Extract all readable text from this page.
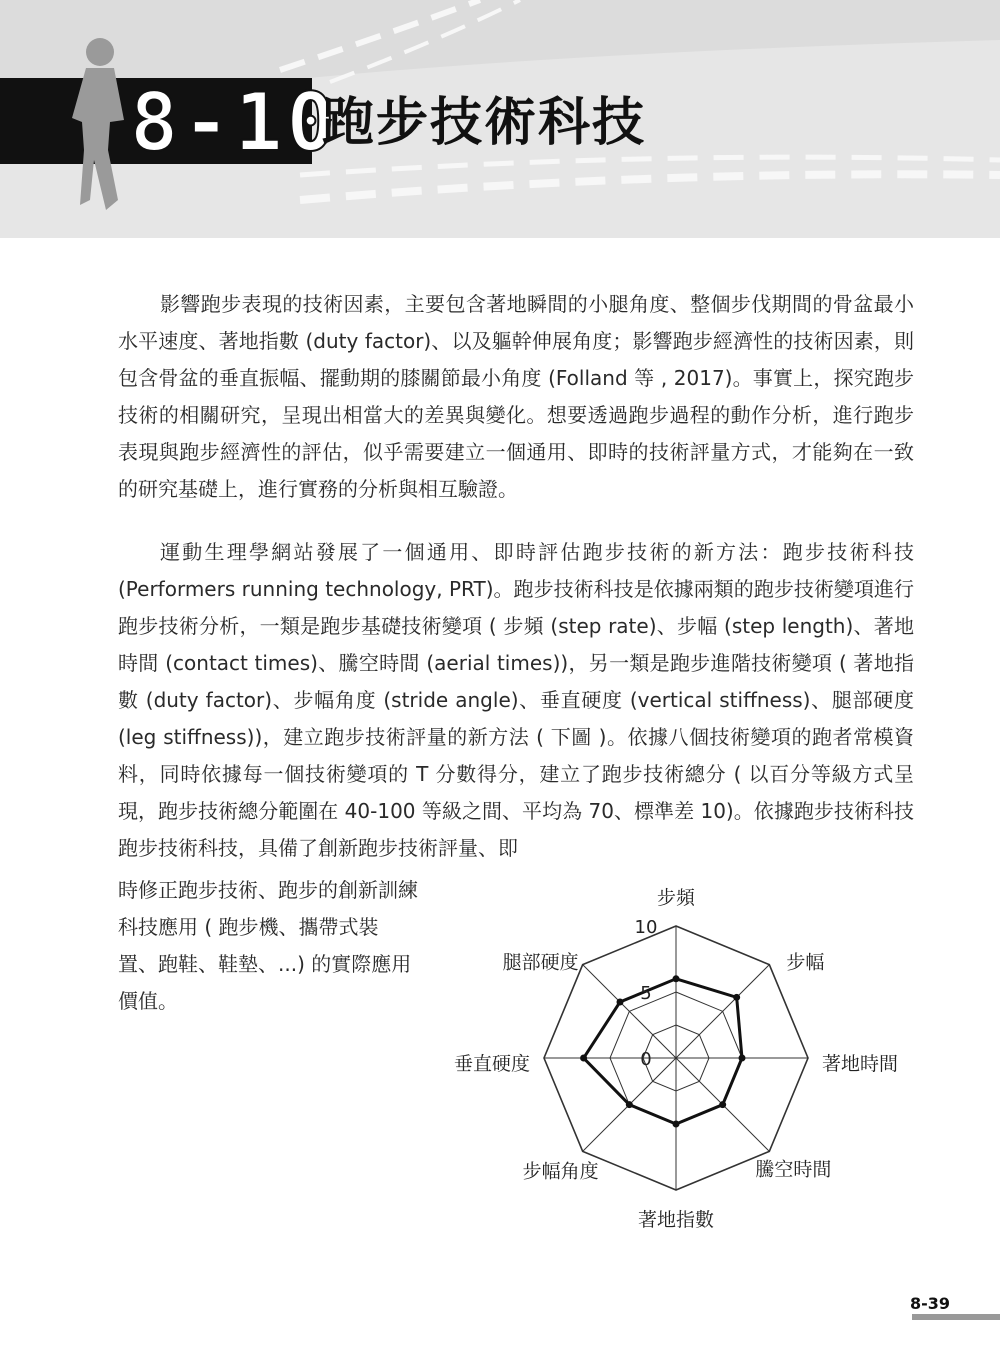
8-10
跑步技術科技

影響跑步表現的技術因素，主要包含著地瞬間的小腿角度、整個步伐期間的骨盆最小水平速度、著地指數 (duty factor)、以及軀幹伸展角度；影響跑步經濟性的技術因素，則包含骨盆的垂直振幅、擺動期的膝關節最小角度 (Folland 等 , 2017)。事實上，探究跑步技術的相關研究，呈現出相當大的差異與變化。想要透過跑步過程的動作分析，進行跑步表現與跑步經濟性的評估，似乎需要建立一個通用、即時的技術評量方式，才能夠在一致的研究基礎上，進行實務的分析與相互驗證。

運動生理學網站發展了一個通用、即時評估跑步技術的新方法：跑步技術科技 (Performers running technology, PRT)。跑步技術科技是依據兩類的跑步技術變項進行跑步技術分析，一類是跑步基礎技術變項 ( 步頻 (step rate)、步幅 (step length)、著地時間 (contact times)、騰空時間 (aerial times))，另一類是跑步進階技術變項 ( 著地指數 (duty factor)、步幅角度 (stride angle)、垂直硬度 (vertical stiffness)、腿部硬度 (leg stiffness))，建立跑步技術評量的新方法 ( 下圖 )。依據八個技術變項的跑者常模資料，同時依據每一個技術變項的 T 分數得分，建立了跑步技術總分 ( 以百分等級方式呈現，跑步技術總分範圍在 40-100 等級之間、平均為 70、標準差 10)。依據跑步技術科技跑步技術科技，具備了創新跑步技術評量、即

時修正跑步技術、跑步的創新訓練科技應用 ( 跑步機、攜帶式裝置、跑鞋、鞋墊、...) 的實際應用價值。

0
5
10
步頻
步幅
著地時間
騰空時間
著地指數
步幅角度
垂直硬度
腿部硬度
8-39
